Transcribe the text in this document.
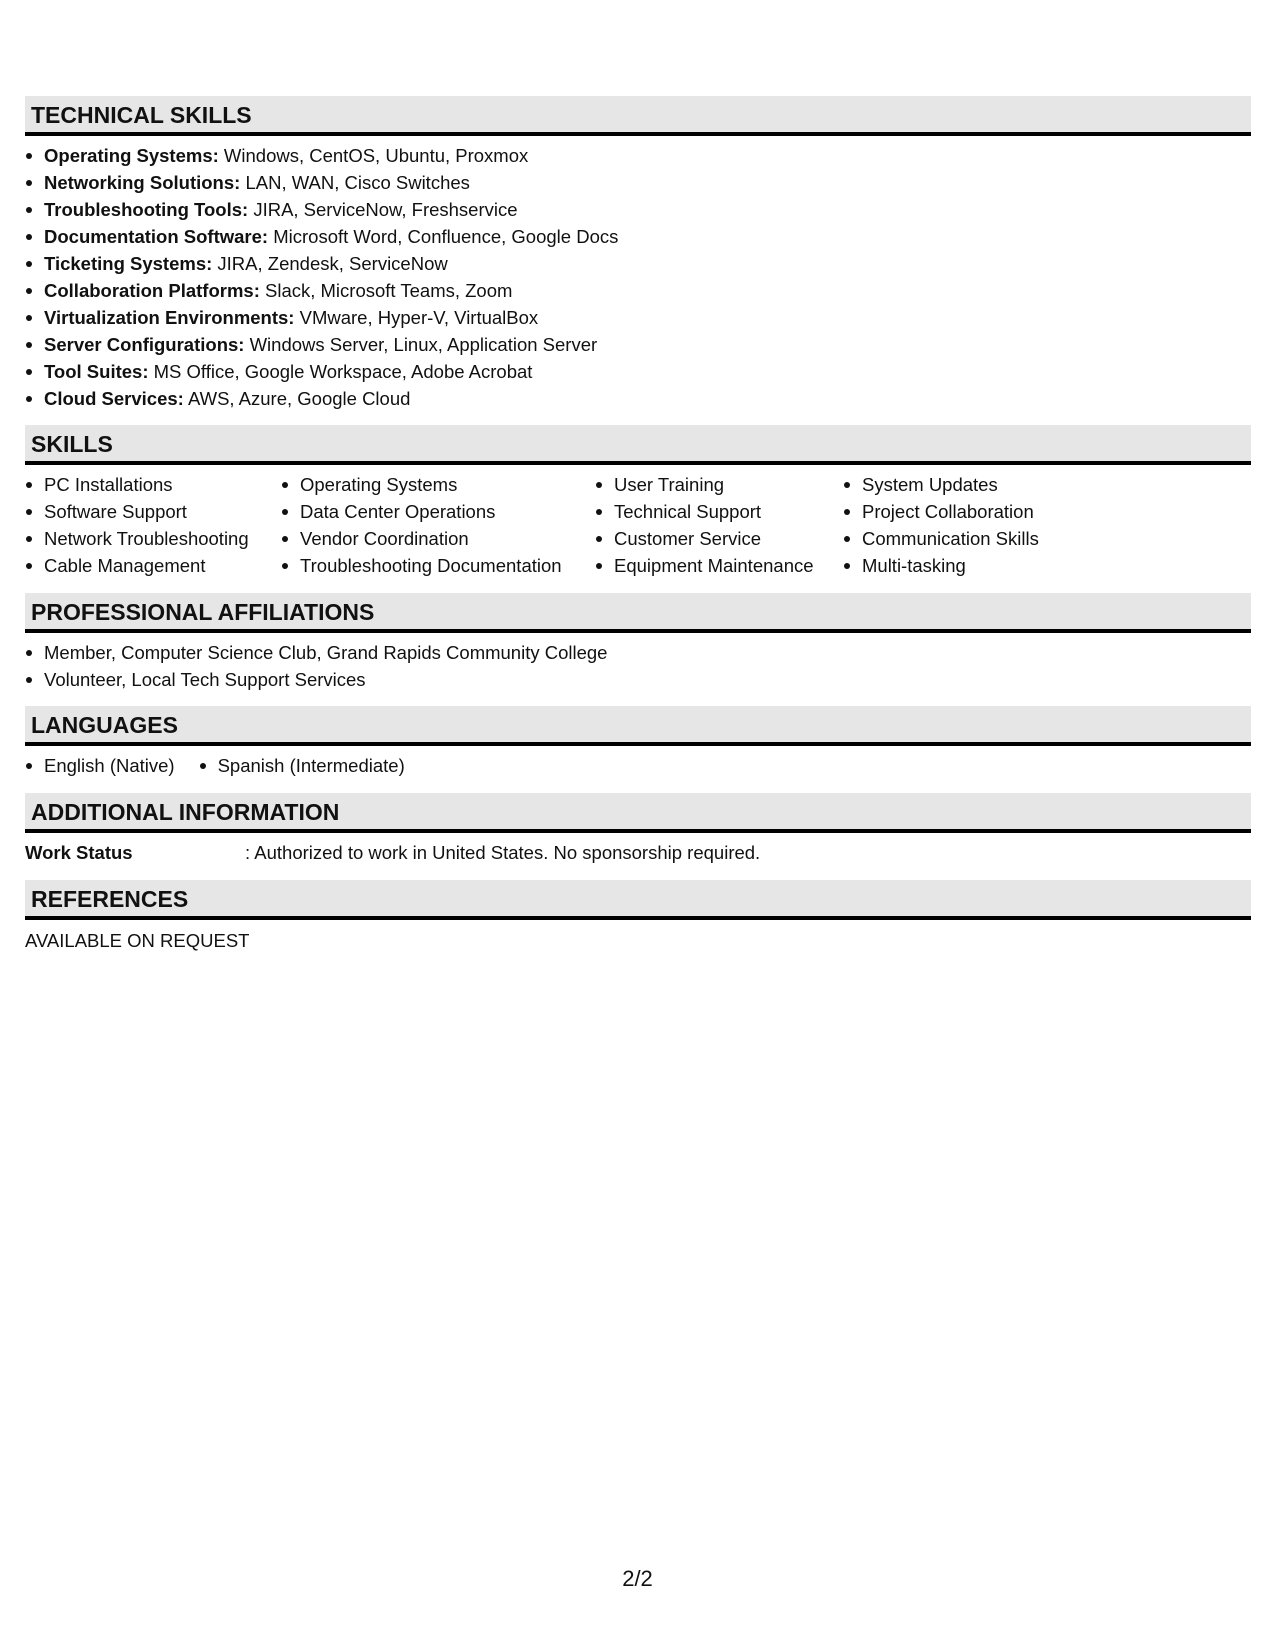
TECHNICAL SKILLS
Operating Systems: Windows, CentOS, Ubuntu, Proxmox
Networking Solutions: LAN, WAN, Cisco Switches
Troubleshooting Tools: JIRA, ServiceNow, Freshservice
Documentation Software: Microsoft Word, Confluence, Google Docs
Ticketing Systems: JIRA, Zendesk, ServiceNow
Collaboration Platforms: Slack, Microsoft Teams, Zoom
Virtualization Environments: VMware, Hyper-V, VirtualBox
Server Configurations: Windows Server, Linux, Application Server
Tool Suites: MS Office, Google Workspace, Adobe Acrobat
Cloud Services: AWS, Azure, Google Cloud
SKILLS
PC Installations
Software Support
Network Troubleshooting
Cable Management
Operating Systems
Data Center Operations
Vendor Coordination
Troubleshooting Documentation
User Training
Technical Support
Customer Service
Equipment Maintenance
System Updates
Project Collaboration
Communication Skills
Multi-tasking
PROFESSIONAL AFFILIATIONS
Member, Computer Science Club, Grand Rapids Community College
Volunteer, Local Tech Support Services
LANGUAGES
English (Native)	Spanish (Intermediate)
ADDITIONAL INFORMATION
Work Status	: Authorized to work in United States. No sponsorship required.
REFERENCES
AVAILABLE ON REQUEST
2/2
